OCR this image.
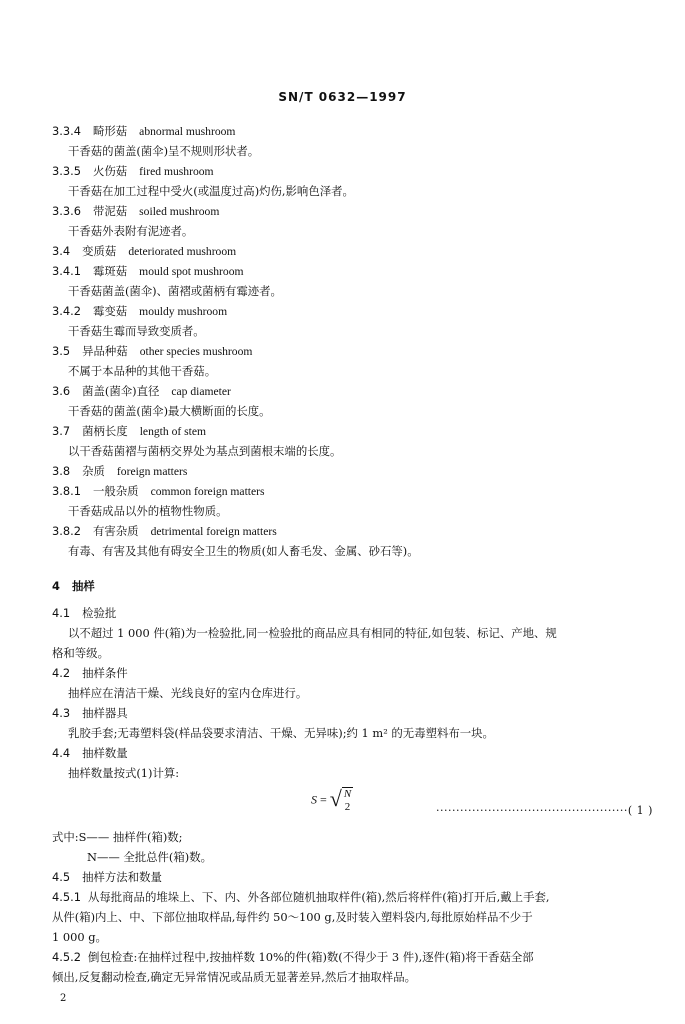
SN/T 0632—1997
3.3.4 畸形菇 abnormal mushroom
干香菇的菌盖(菌伞)呈不规则形状者。
3.3.5 火伤菇 fired mushroom
干香菇在加工过程中受火(或温度过高)灼伤,影响色泽者。
3.3.6 带泥菇 soiled mushroom
干香菇外表附有泥迹者。
3.4 变质菇 deteriorated mushroom
3.4.1 霉斑菇 mould spot mushroom
干香菇菌盖(菌伞)、菌褶或菌柄有霉迹者。
3.4.2 霉变菇 mouldy mushroom
干香菇生霉而导致变质者。
3.5 异品种菇 other species mushroom
不属于本品种的其他干香菇。
3.6 菌盖(菌伞)直径 cap diameter
干香菇的菌盖(菌伞)最大横断面的长度。
3.7 菌柄长度 length of stem
以干香菇菌褶与菌柄交界处为基点到菌根末端的长度。
3.8 杂质 foreign matters
3.8.1 一般杂质 common foreign matters
干香菇成品以外的植物性物质。
3.8.2 有害杂质 detrimental foreign matters
有毒、有害及其他有碍安全卫生的物质(如人畜毛发、金属、砂石等)。
4 抽样
4.1 检验批
以不超过 1 000 件(箱)为一检验批,同一检验批的商品应具有相同的特征,如包装、标记、产地、规
格和等级。
4.2 抽样条件
抽样应在清洁干燥、光线良好的室内仓库进行。
4.3 抽样器具
乳胶手套;无毒塑料袋(样品袋要求清洁、干燥、无异味);约 1 m² 的无毒塑料布一块。
4.4 抽样数量
抽样数量按式(1)计算:
S = √ N
2	················································( 1 )
式中:S—— 抽样件(箱)数;
N—— 全批总件(箱)数。
4.5 抽样方法和数量
4.5.1 从每批商品的堆垛上、下、内、外各部位随机抽取样件(箱),然后将样件(箱)打开后,戴上手套,
从件(箱)内上、中、下部位抽取样品,每件约 50～100 g,及时装入塑料袋内,每批原始样品不少于
1 000 g。
4.5.2 倒包检查:在抽样过程中,按抽样数 10%的件(箱)数(不得少于 3 件),逐件(箱)将干香菇全部
倾出,反复翻动检查,确定无异常情况或品质无显著差异,然后才抽取样品。
2
